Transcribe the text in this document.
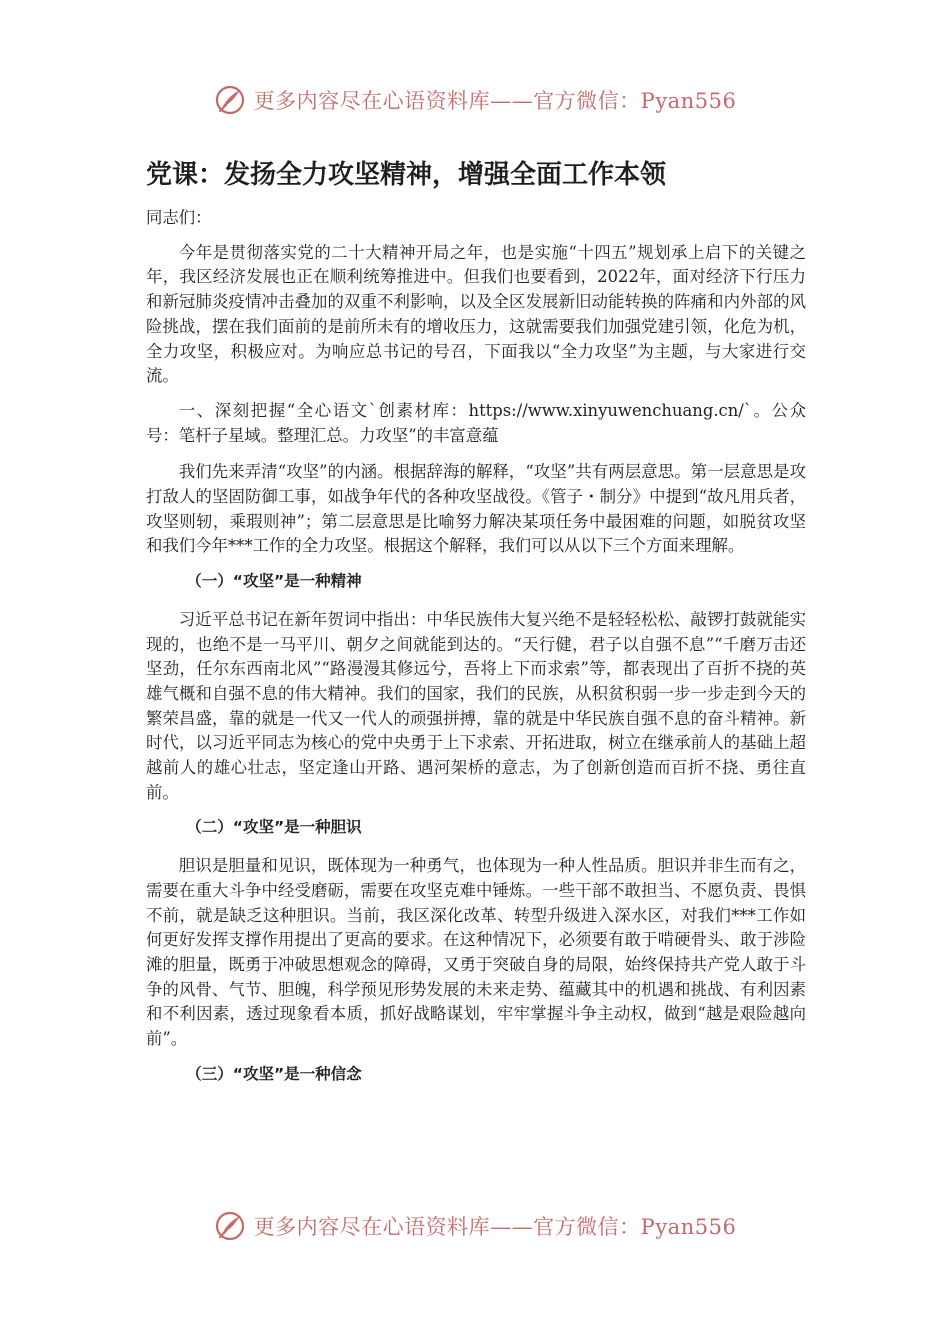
更多内容尽在心语资料库——官方微信：Pyan556
党课：发扬全力攻坚精神，增强全面工作本领

同志们：

今年是贯彻落实党的二十大精神开局之年，也是实施“十四五”规划承上启下的关键之年，我区经济发展也正在顺利统筹推进中。但我们也要看到，2022年，面对经济下行压力和新冠肺炎疫情冲击叠加的双重不利影响，以及全区发展新旧动能转换的阵痛和内外部的风险挑战，摆在我们面前的是前所未有的增收压力，这就需要我们加强党建引领，化危为机，全力攻坚，积极应对。为响应总书记的号召，下面我以“全力攻坚”为主题，与大家进行交流。

一、深刻把握“全心语文`创素材库：https://www.xinyuwenchuang.cn/`。公众号：笔杆子星域。整理汇总。力攻坚”的丰富意蕴

我们先来弄清“攻坚”的内涵。根据辞海的解释，“攻坚”共有两层意思。第一层意思是攻打敌人的坚固防御工事，如战争年代的各种攻坚战役。《管子・制分》中提到“故凡用兵者，攻坚则轫，乘瑕则神”；第二层意思是比喻努力解决某项任务中最困难的问题，如脱贫攻坚和我们今年***工作的全力攻坚。根据这个解释，我们可以从以下三个方面来理解。

（一）“攻坚”是一种精神

习近平总书记在新年贺词中指出：中华民族伟大复兴绝不是轻轻松松、敲锣打鼓就能实现的，也绝不是一马平川、朝夕之间就能到达的。“天行健，君子以自强不息”“千磨万击还坚劲，任尔东西南北风”“路漫漫其修远兮，吾将上下而求索”等，都表现出了百折不挠的英雄气概和自强不息的伟大精神。我们的国家，我们的民族，从积贫积弱一步一步走到今天的繁荣昌盛，靠的就是一代又一代人的顽强拼搏，靠的就是中华民族自强不息的奋斗精神。新时代，以习近平同志为核心的党中央勇于上下求索、开拓进取，树立在继承前人的基础上超越前人的雄心壮志，坚定逢山开路、遇河架桥的意志，为了创新创造而百折不挠、勇往直前。

（二）“攻坚”是一种胆识

胆识是胆量和见识，既体现为一种勇气，也体现为一种人性品质。胆识并非生而有之，需要在重大斗争中经受磨砺，需要在攻坚克难中锤炼。一些干部不敢担当、不愿负责、畏惧不前，就是缺乏这种胆识。当前，我区深化改革、转型升级进入深水区，对我们***工作如何更好发挥支撑作用提出了更高的要求。在这种情况下，必须要有敢于啃硬骨头、敢于涉险滩的胆量，既勇于冲破思想观念的障碍，又勇于突破自身的局限，始终保持共产党人敢于斗争的风骨、气节、胆魄，科学预见形势发展的未来走势、蕴藏其中的机遇和挑战、有利因素和不利因素，透过现象看本质，抓好战略谋划，牢牢掌握斗争主动权，做到“越是艰险越向前”。

（三）“攻坚”是一种信念

更多内容尽在心语资料库——官方微信：Pyan556
